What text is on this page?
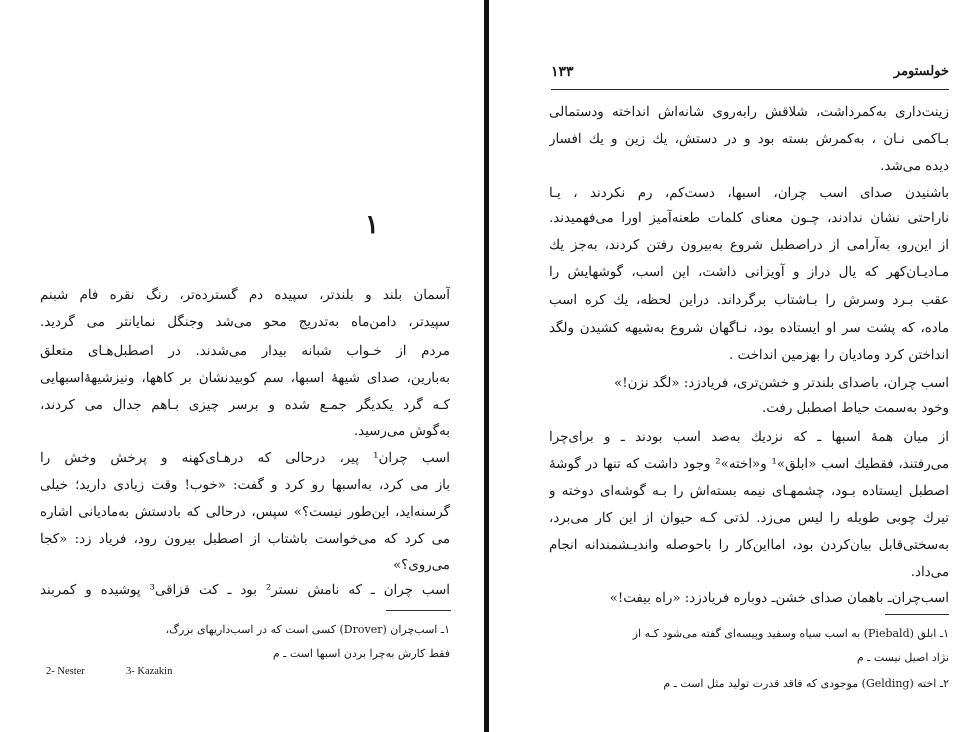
۱
آسمان بلند و بلندتر، سپیده دم گسترده‌تر، رنگ نقره فام شبنم
سپیدتر، دامن‌ماه به‌تدریج محو می‌شد وجنگل نمایانتر می گردید.
مردم از خـواب شبانه بیدار می‌شدند. در اصطبل‌هـای متعلق
به‌بارین، صدای شیههٔ اسبها، سم کوبیدنشان بر کاهها، ونیزشیههٔ‌اسبهایی
کـه گرد یکدیگر جمـع شده و برسر چیزی بـاهم جدال می کردند،
به‌گوش می‌رسید.
اسب چران¹ پیر، درحالی که درهـای‌کهنه و پرخش وخش را
باز می کرد، به‌اسبها رو کرد و گفت: «خوب! وقت زیادی دارید؛ خیلی
گرسنه‌اید، این‌طور نیست؟» سپس، درحالی که بادستش به‌مادیانی اشاره
می کرد که می‌خواست باشتاب از اصطبل بیرون رود، فریاد زد: «کجا
می‌روی؟»
اسب چران ـ که نامش نستر² بود ـ کت قزاقی³ پوشیده و کمربند
۱ـ اسب‌چران (Drover) کسی است که در اسب‌داریهای بزرگ،
فقط کارش به‌چرا بردن اسبها است ـ م
2- Nester	3- Kazakin
خولستومر
۱۳۳
زینت‌داری به‌کمرداشت، شلاقش رابه‌روی شانه‌اش انداخته ودستمالی
بـاکمی نـان ، به‌کمرش بسته بود و در دستش، یك زین و یك افسار
دیده می‌شد.
باشنیدن صدای اسب چران، اسبها، دست‌کم، رم نکردند ، یـا
ناراحتی نشان ندادند، چـون معنای کلمات طعنه‌آمیز اورا می‌فهمیدند.
از این‌رو، به‌آرامی از دراصطبل شروع به‌بیرون رفتن کردند، به‌جز یك
مـادیـان‌کهر که یال دراز و آویزانی داشت، این اسب، گوشهایش را
عقب بـرد وسرش را بـاشتاب برگرداند. دراین لحظه، یك کره اسب
ماده، که پشت سر او ایستاده بود، نـاگهان شروع به‌شیهه کشیدن ولگد
انداختن کرد ومادیان را بهزمین انداخت .
اسب چران، باصدای بلندتر و خشن‌تری، فریادزد: «لگد نزن!»
وخود به‌سمت حیاط اصطبل رفت.
از میان همهٔ اسبها ـ که نزدیك به‌صد اسب بودند ـ و برای‌چرا
می‌رفتند، فقطیك اسب «ابلق»¹ و«اخته»² وجود داشت که تنها در گوشهٔ
اصطبل ایستاده بـود، چشمهـای نیمه بسته‌اش را بـه گوشه‌ای دوخته و
تیرك چوبی طویله را لیس می‌زد. لذتی کـه حیوان از این کار می‌برد،
به‌سختی‌قابل بیان‌کردن بود، امااین‌کار را باحوصله واندیـشمندانه انجام
می‌داد.
اسب‌چران‌ـ باهمان صدای خشن‌ـ دوباره فریادزد: «راه بیفت!»
۱ـ ابلق (Piebald) به اسب سیاه وسفید وپیسه‌ای گفته می‌شود کـه از
نژاد اصیل نیست ـ م
۲ـ اخته (Gelding) موجودی که فاقد قدرت تولید مثل است ـ م
